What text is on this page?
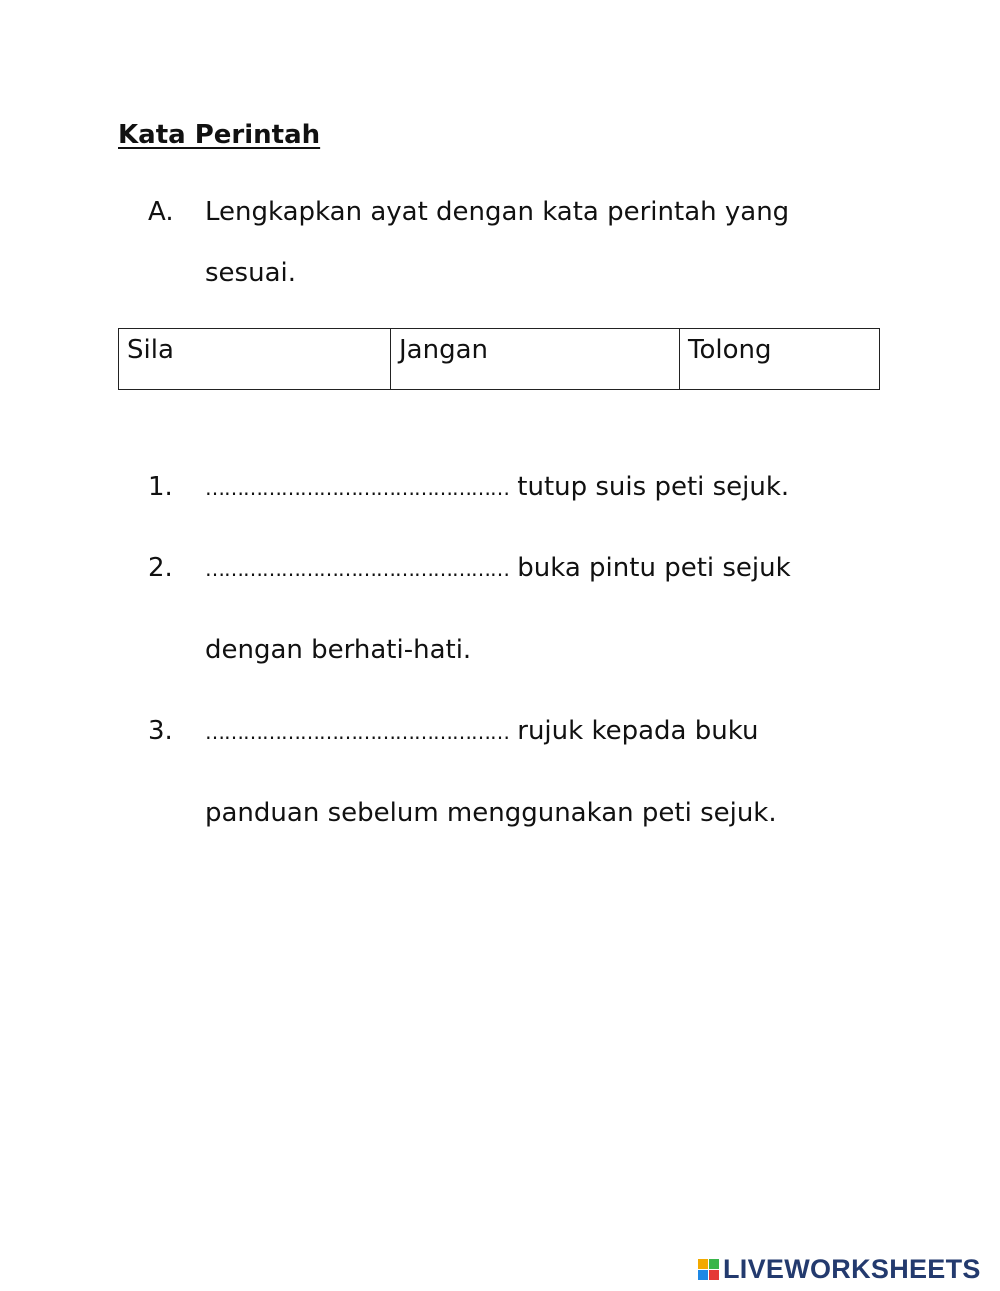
Kata Perintah
A. Lengkapkan ayat dengan kata perintah yang
sesuai.
Sila	Jangan	Tolong
1. ………………………………………… tutup suis peti sejuk.
2. ………………………………………… buka pintu peti sejuk
dengan berhati-hati.
3. ………………………………………… rujuk kepada buku
panduan sebelum menggunakan peti sejuk.
LIVEWORKSHEETS
